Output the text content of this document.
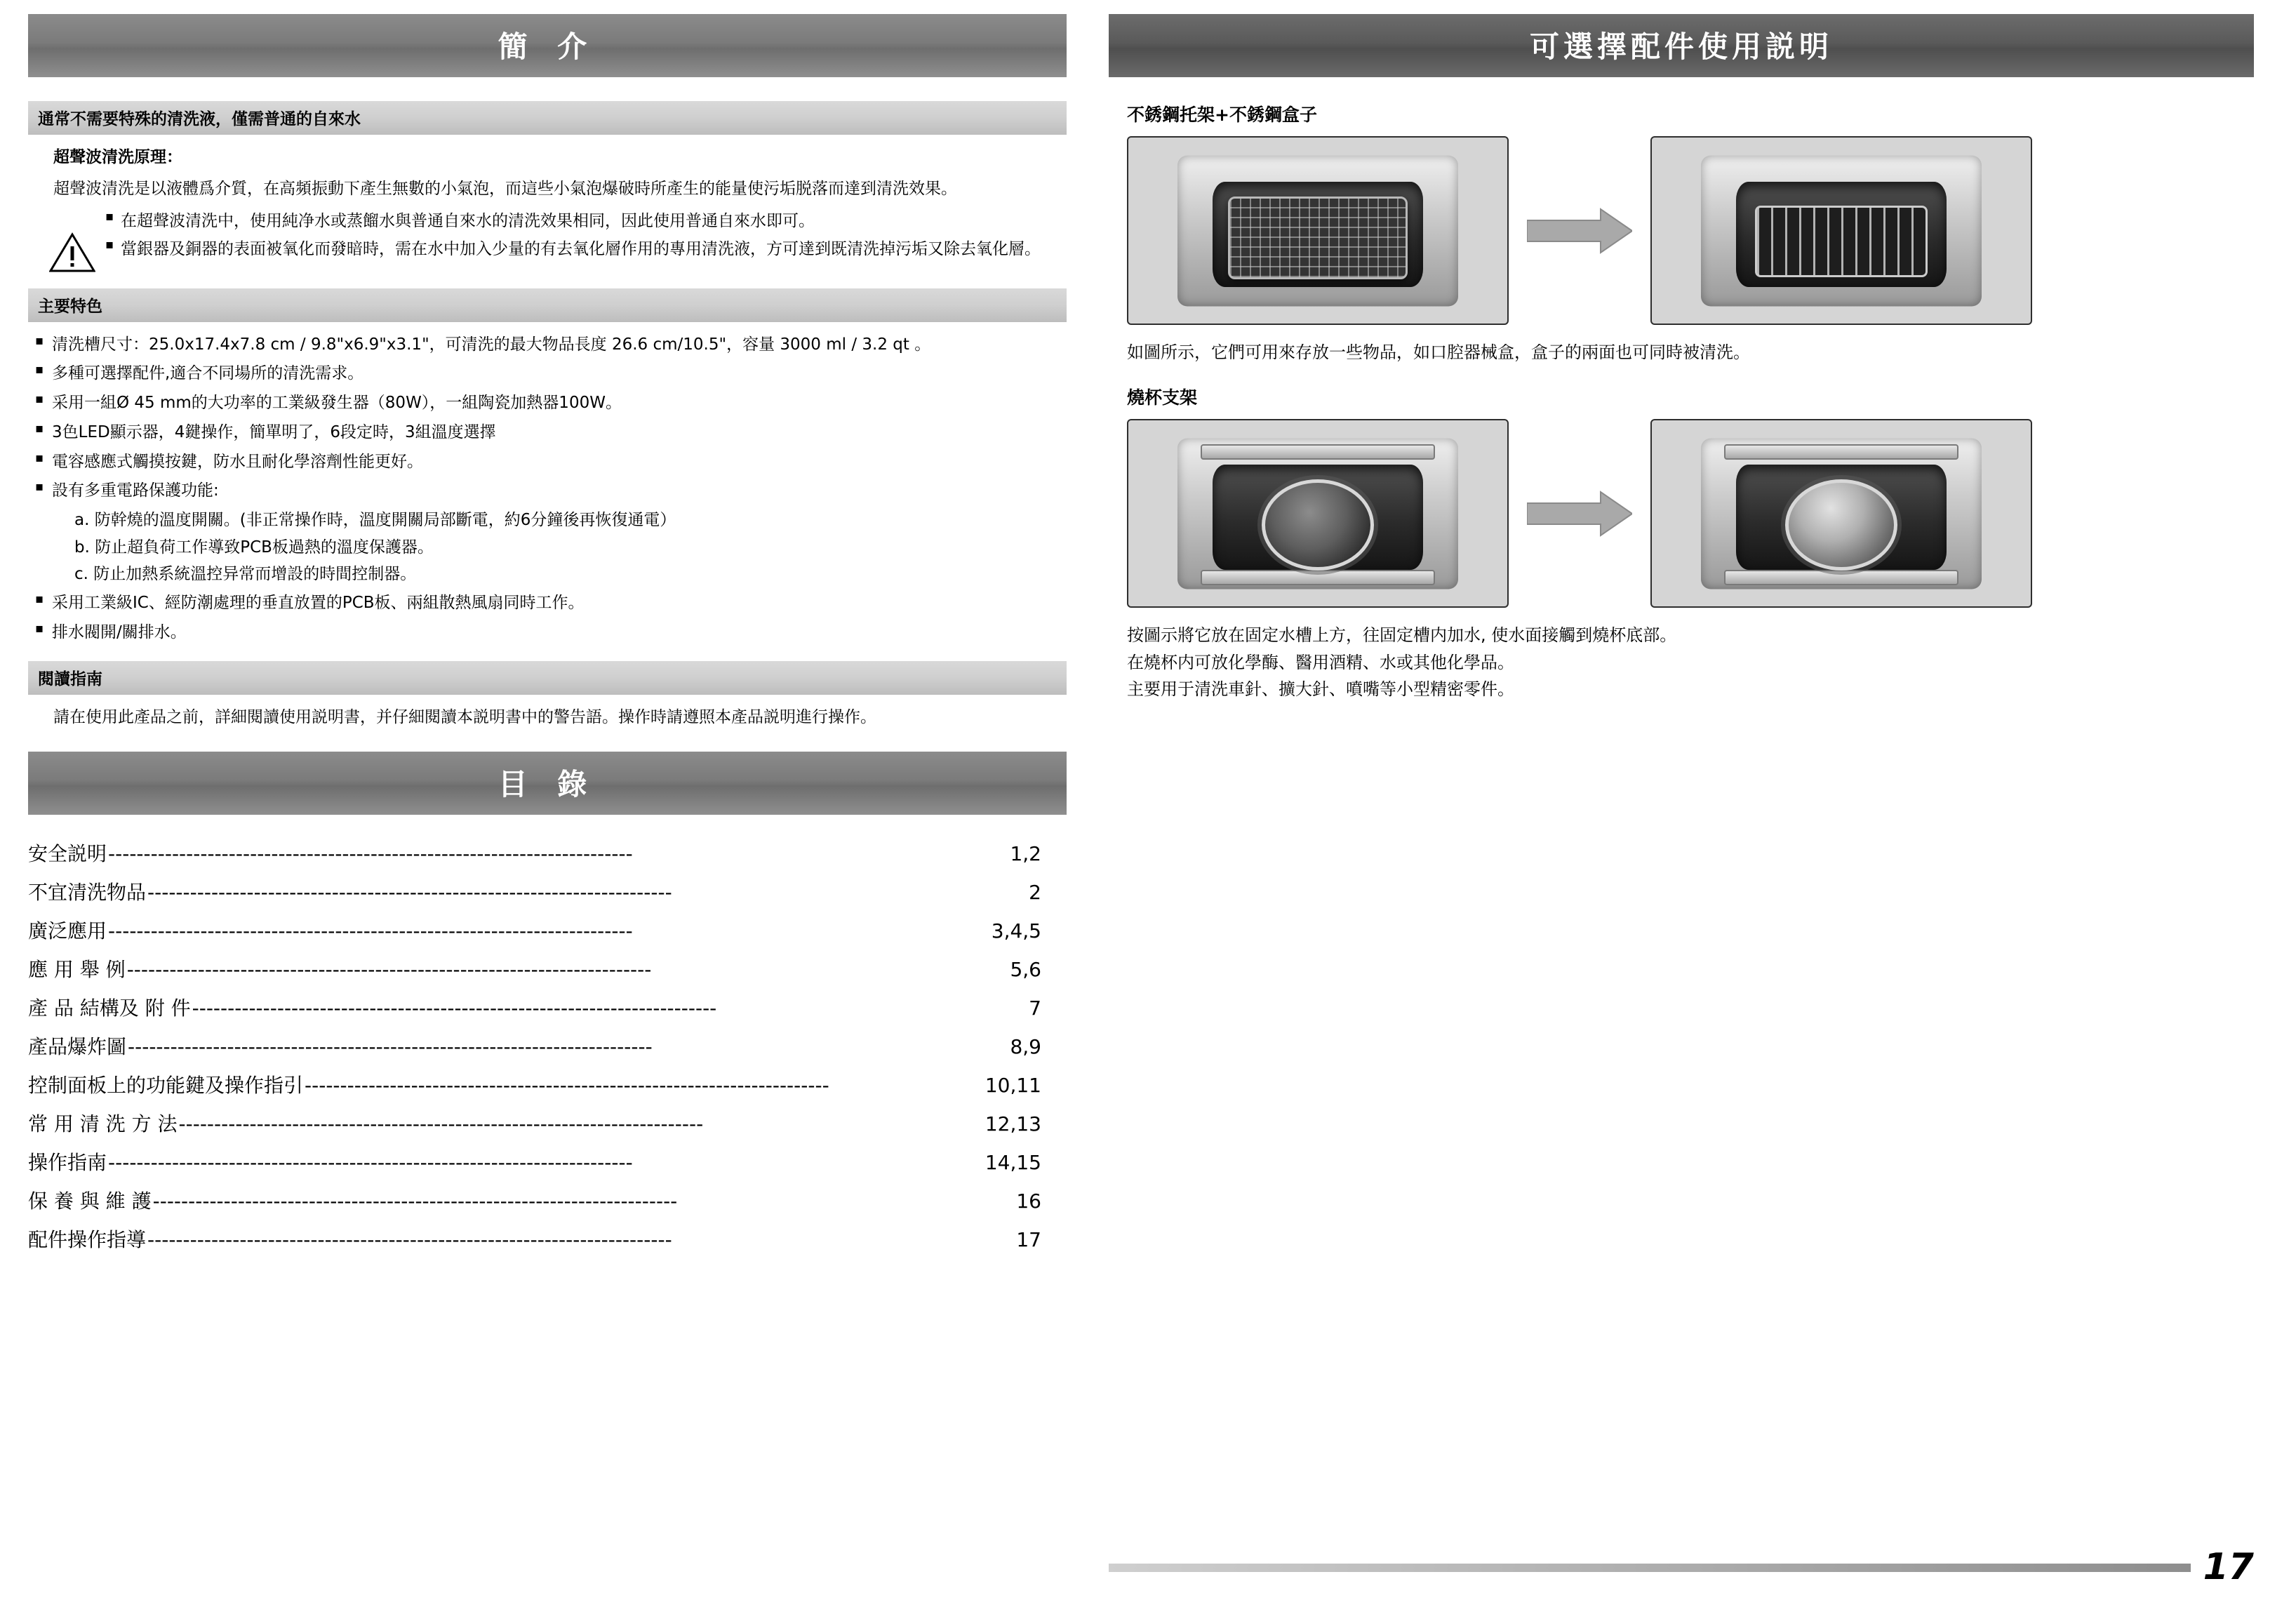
簡 介
通常不需要特殊的清洗液，僅需普通的自來水
超聲波清洗原理：
超聲波清洗是以液體爲介質，在高頻振動下產生無數的小氣泡，而這些小氣泡爆破時所產生的能量使污垢脱落而達到清洗效果。
▪ 在超聲波清洗中，使用純净水或蒸餾水與普通自來水的清洗效果相同，因此使用普通自來水即可。
▪ 當銀器及銅器的表面被氧化而發暗時，需在水中加入少量的有去氧化層作用的專用清洗液，方可達到既清洗掉污垢又除去氧化層。
主要特色
▪ 清洗槽尺寸：25.0x17.4x7.8 cm / 9.8"x6.9"x3.1"，可清洗的最大物品長度 26.6 cm/10.5"，容量 3000 ml / 3.2 qt 。
▪ 多種可選擇配件,適合不同場所的清洗需求。
▪ 采用一組Ø 45 mm的大功率的工業級發生器（80W），一組陶瓷加熱器100W。
▪ 3色LED顯示器，4鍵操作，簡單明了，6段定時，3組溫度選擇
▪ 電容感應式觸摸按鍵，防水且耐化學溶劑性能更好。
▪ 設有多重電路保護功能:
a. 防幹燒的溫度開關。(非正常操作時，溫度開關局部斷電，約6分鐘後再恢復通電）
b. 防止超負荷工作導致PCB板過熱的溫度保護器。
c. 防止加熱系統溫控异常而增設的時間控制器。
▪ 采用工業級IC、經防潮處理的垂直放置的PCB板、兩組散熱風扇同時工作。
▪ 排水閥開/關排水。
閱讀指南
請在使用此產品之前，詳細閱讀使用説明書，并仔細閱讀本説明書中的警告語。操作時請遵照本產品説明進行操作。
目 錄
安全説明 --------------------------------------------------------------------------	1,2
不宜清洗物品 --------------------------------------------------------------------------	2
廣泛應用 --------------------------------------------------------------------------	3,4,5
應 用 舉 例 --------------------------------------------------------------------------	5,6
產 品 結構及 附 件 --------------------------------------------------------------------------	7
產品爆炸圖 --------------------------------------------------------------------------	8,9
控制面板上的功能鍵及操作指引 --------------------------------------------------------------------------	10,11
常 用 清 洗 方 法 --------------------------------------------------------------------------	12,13
操作指南 --------------------------------------------------------------------------	14,15
保 養 與 維 護 --------------------------------------------------------------------------	16
配件操作指導 --------------------------------------------------------------------------	17
可選擇配件使用説明
不銹鋼托架+不銹鋼盒子
如圖所示，它們可用來存放一些物品，如口腔器械盒，盒子的兩面也可同時被清洗。
燒杯支架
按圖示將它放在固定水槽上方，往固定槽内加水, 使水面接觸到燒杯底部。
在燒杯内可放化學酶、醫用酒精、水或其他化學品。
主要用于清洗車針、擴大針、噴嘴等小型精密零件。
17
